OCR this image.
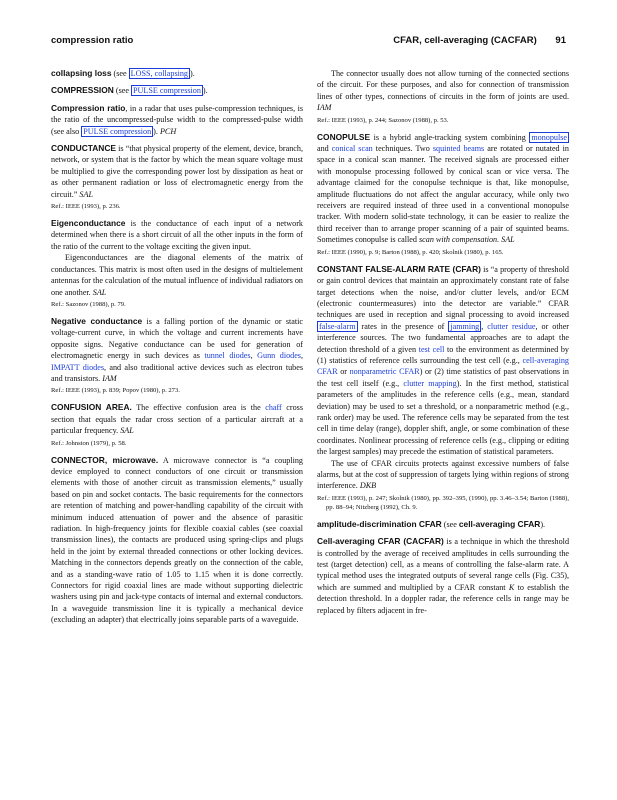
compression ratio	CFAR, cell-averaging (CACFAR) 91

collapsing loss (see LOSS, collapsing ).

COMPRESSION (see PULSE compression ).

Compression ratio, in a radar that uses pulse-compression techniques, is the ratio of the uncompressed-pulse width to the compressed-pulse width (see also PULSE compression ). PCH

CONDUCTANCE is “that physical property of the element, device, branch, network, or system that is the factor by which the mean square voltage must be multiplied to give the corresponding power lost by dissipation as heat or as other permanent radiation or loss of electromagnetic energy from the circuit.” SAL

Ref.: IEEE (1993), p. 236.

Eigenconductance is the conductance of each input of a network determined when there is a short circuit of all the other inputs in the form of the ratio of the current to the voltage exciting the given input.

Eigenconductances are the diagonal elements of the matrix of conductances. This matrix is most often used in the designs of multielement antennas for the calculation of the mutual influence of individual radiators on one another. SAL

Ref.: Sazonov (1988), p. 79.

Negative conductance is a falling portion of the dynamic or static voltage-current curve, in which the voltage and current increments have opposite signs. Negative conductance can be used for generation of electromagnetic energy in such devices as tunnel diodes, Gunn diodes, IMPATT diodes, and also traditional active devices such as electron tubes and transistors. IAM

Ref.: IEEE (1993), p. 839; Popov (1980), p. 273.

CONFUSION AREA. The effective confusion area is the chaff cross section that equals the radar cross section of a particular aircraft at a particular frequency. SAL

Ref.: Johnston (1979), p. 58.

CONNECTOR, microwave. A microwave connector is “a coupling device employed to connect conductors of one circuit or transmission elements with those of another circuit as transmission elements,” usually based on pin and socket contacts. The basic requirements for the connectors are retention of matching and power-handling capability of the circuit with minimum induced attenuation of power and the absence of parasitic radiation. In high-frequency joints for flexible coaxial cables (see coaxial transmission lines), the contacts are produced using spring-clips and plugs held in the joint by external threaded connections or other locking devices. Matching in the connectors depends greatly on the connection of the cable, and as a standing-wave ratio of 1.05 to 1.15 when it is done correctly. Connectors for rigid coaxial lines are made without supporting dielectric washers using pin and jack-type contacts of internal and external conductors. In a waveguide transmission line it is typically a mechanical device (excluding an adapter) that electrically joins separable parts of a waveguide.

The connector usually does not allow turning of the connected sections of the circuit. For these purposes, and also for connection of transmission lines of other types, connections of circuits in the form of joints are used. IAM

Ref.: IEEE (1993), p. 244; Sazonov (1988), p. 53.

CONOPULSE is a hybrid angle-tracking system combining monopulse and conical scan techniques. Two squinted beams are rotated or nutated in space in a conical scan manner. The received signals are processed either with monopulse processing followed by conical scan or vice versa. The advantage claimed for the conopulse technique is that, like monopulse, amplitude fluctuations do not affect the angular accuracy, while only two receivers are required instead of three used in a conventional monopulse tracker. With modern solid-state technology, it can be easier to realize the third receiver than to arrange proper scanning of a pair of squinted beams. Sometimes conopulse is called scan with compensation. SAL

Ref.: IEEE (1990), p. 9; Barton (1988), p. 420; Skolnik (1980), p. 165.

CONSTANT FALSE-ALARM RATE (CFAR) is “a property of threshold or gain control devices that maintain an approximately constant rate of false target detections when the noise, and/or clutter levels, and/or ECM (electronic countermeasures) into the detector are variable.” CFAR techniques are used in reception and signal processing to avoid increased false-alarm rates in the presence of jamming , clutter residue, or other interference sources. The two fundamental approaches are to adapt the detection threshold of a given test cell to the environment as determined by (1) statistics of reference cells surrounding the test cell (e.g., cell-averaging CFAR or nonparametric CFAR) or (2) time statistics of past observations in the test cell itself (e.g., clutter mapping). In the first method, statistical parameters of the amplitudes in the reference cells (e.g., mean, standard deviation) may be used to set a threshold, or a nonparametric method (e.g., rank order) may be used. The reference cells may be separated from the test cell in time delay (range), doppler shift, angle, or some combination of these coordinates. Nonlinear processing of reference cells (e.g., clipping or editing the largest samples) may precede the estimation of statistical parameters.

The use of CFAR circuits protects against excessive numbers of false alarms, but at the cost of suppression of targets lying within regions of strong interference. DKB

Ref.: IEEE (1993), p. 247; Skolnik (1980), pp. 392–395, (1990), pp. 3.46–3.54; Barton (1988), pp. 88–94; Nitzberg (1992), Ch. 9.

amplitude-discrimination CFAR (see cell-averaging CFAR).

Cell-averaging CFAR (CACFAR) is a technique in which the threshold is controlled by the average of received amplitudes in cells surrounding the test (target detection) cell, as a means of controlling the false-alarm rate. A typical method uses the integrated outputs of several range cells (Fig. C35), which are summed and multiplied by a CFAR constant K to establish the detection threshold. In a doppler radar, the reference cells in range may be replaced by filters adjacent in fre-
